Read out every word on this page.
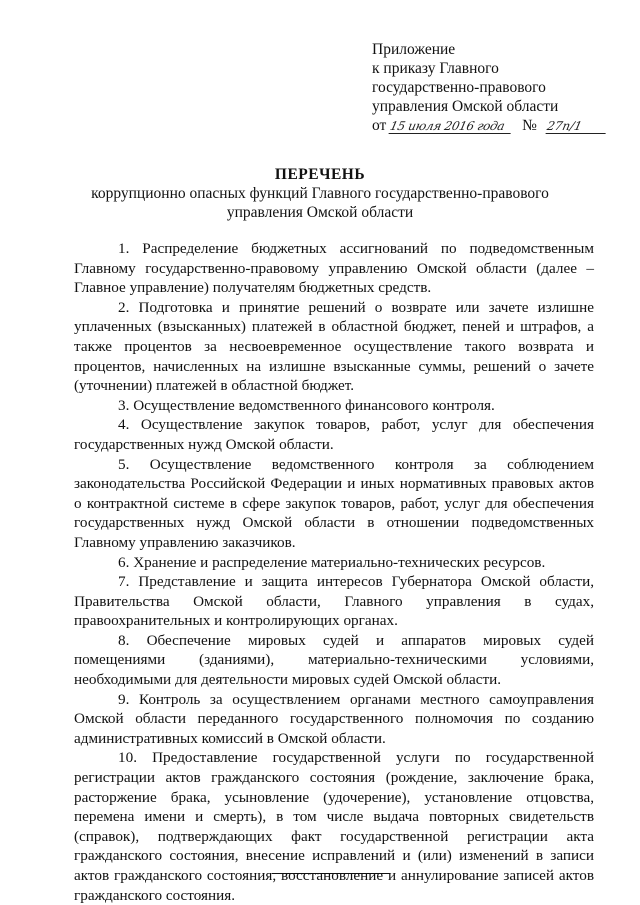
Приложение
к приказу Главного
государственно-правового
управления Омской области
от 15 июля 2016 года № 27п/1
ПЕРЕЧЕНЬ
коррупционно опасных функций Главного государственно-правового
управления Омской области

1. Распределение бюджетных ассигнований по подведомственным Главному государственно-правовому управлению Омской области (далее – Главное управление) получателям бюджетных средств.

2. Подготовка и принятие решений о возврате или зачете излишне уплаченных (взысканных) платежей в областной бюджет, пеней и штрафов, а также процентов за несвоевременное осуществление такого возврата и процентов, начисленных на излишне взысканные суммы, решений о зачете (уточнении) платежей в областной бюджет.

3. Осуществление ведомственного финансового контроля.

4. Осуществление закупок товаров, работ, услуг для обеспечения государственных нужд Омской области.

5. Осуществление ведомственного контроля за соблюдением законодательства Российской Федерации и иных нормативных правовых актов о контрактной системе в сфере закупок товаров, работ, услуг для обеспечения государственных нужд Омской области в отношении подведомственных Главному управлению заказчиков.

6. Хранение и распределение материально-технических ресурсов.

7. Представление и защита интересов Губернатора Омской области, Правительства Омской области, Главного управления в судах, правоохранительных и контролирующих органах.

8. Обеспечение мировых судей и аппаратов мировых судей помещениями (зданиями), материально-техническими условиями, необходимыми для деятельности мировых судей Омской области.

9. Контроль за осуществлением органами местного самоуправления Омской области переданного государственного полномочия по созданию административных комиссий в Омской области.

10. Предоставление государственной услуги по государственной регистрации актов гражданского состояния (рождение, заключение брака, расторжение брака, усыновление (удочерение), установление отцовства, перемена имени и смерть), в том числе выдача повторных свидетельств (справок), подтверждающих факт государственной регистрации акта гражданского состояния, внесение исправлений и (или) изменений в записи актов гражданского состояния, восстановление и аннулирование записей актов гражданского состояния.
